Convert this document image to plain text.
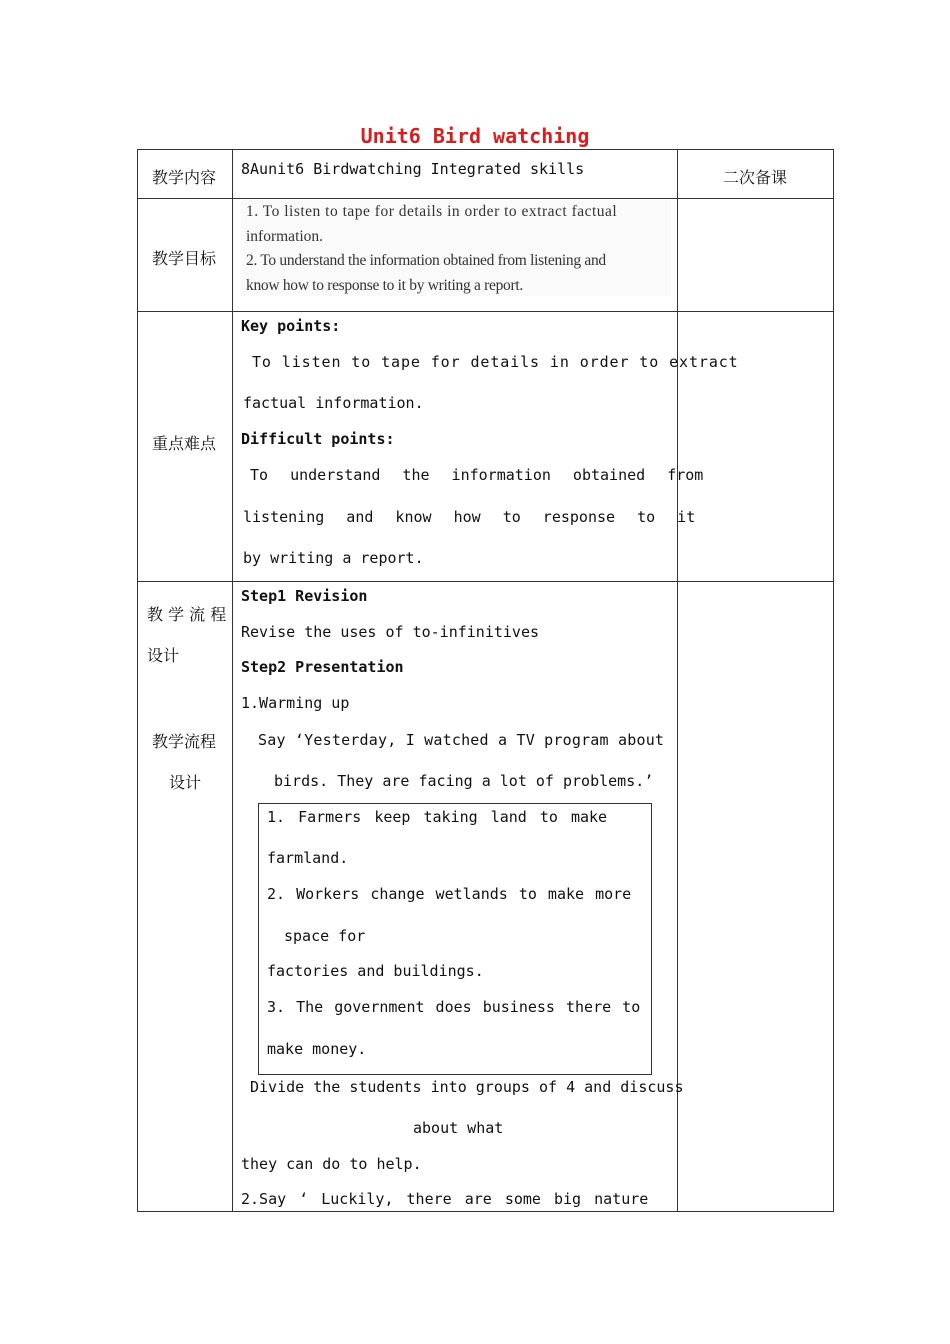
Unit6 Bird watching
教学内容 8Aunit6 Birdwatching Integrated skills	二次备课
教学目标
1. To listen to tape for details in order to extract factual
information.
2. To understand the information obtained from listening and
know how to response to it by writing a report.
重点难点
Key points:
To listen to tape for details in order to extract
factual information.
Difficult points:
To understand the information obtained from
listening and know how to response to it
by writing a report.
教 学 流 程
设计
教学流程
设计
Step1 Revision
Revise the uses of to-infinitives
Step2 Presentation
1.Warming up
Say ‘Yesterday, I watched a TV program about
birds. They are facing a lot of problems.’
1. Farmers keep taking land to make
farmland.
2. Workers change wetlands to make more
space for
factories and buildings.
3. The government does business there to
make money.
Divide the students into groups of 4 and discuss
about what
they can do to help.
2.Say ‘ Luckily, there are some big nature
